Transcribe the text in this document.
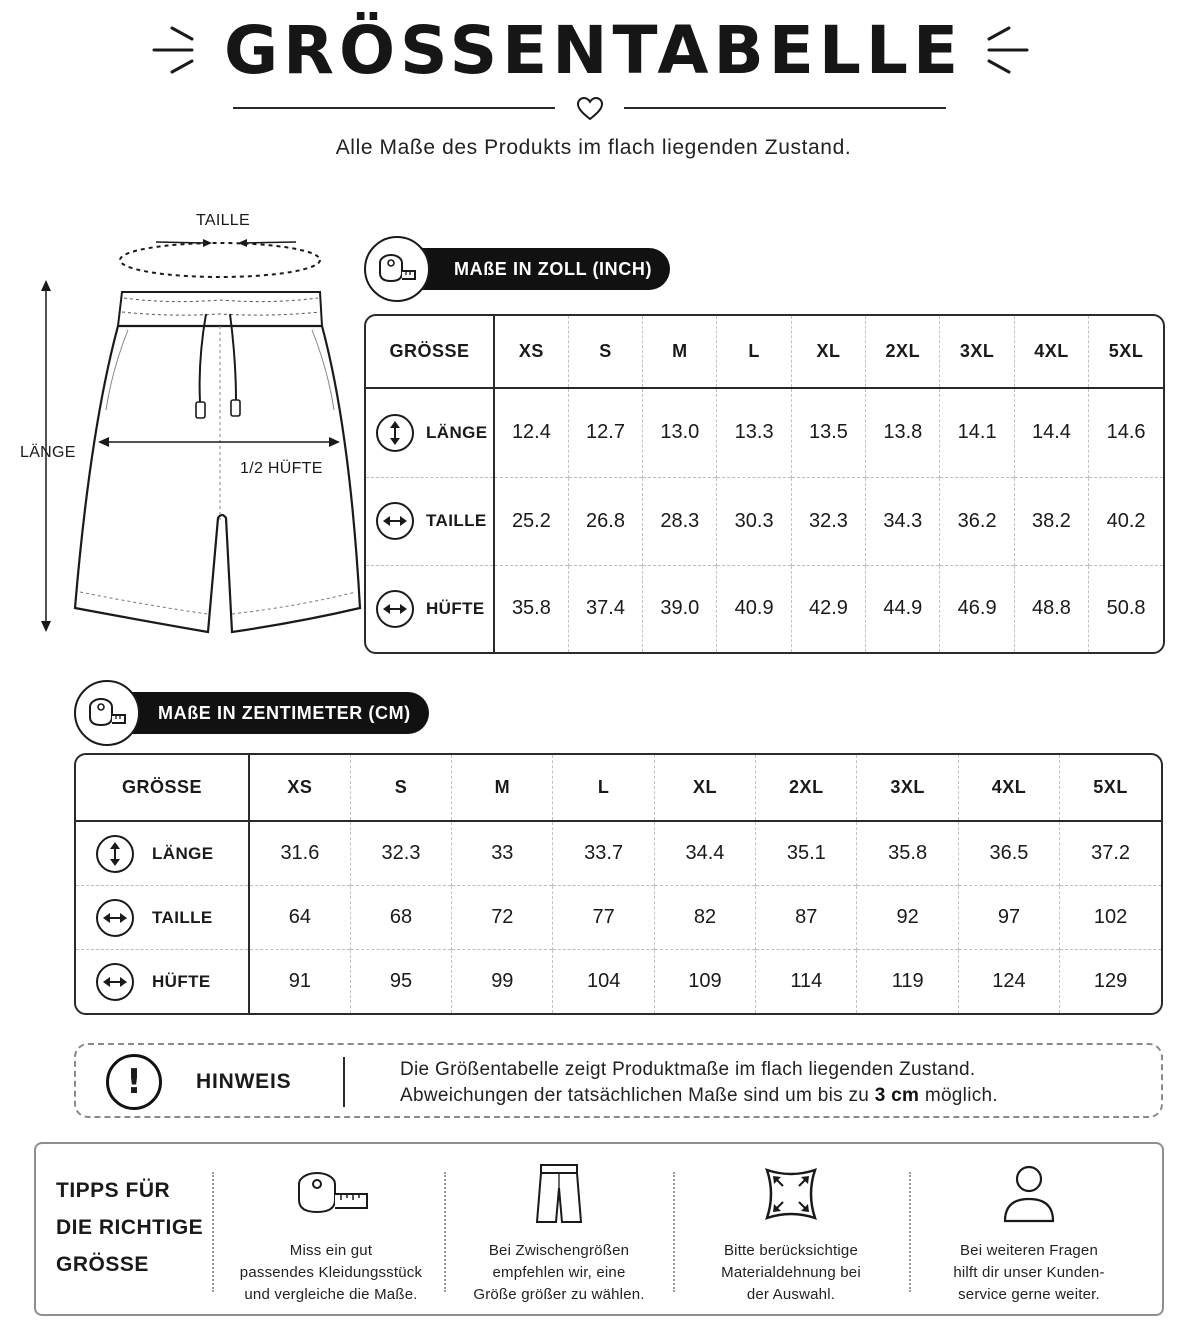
GRÖSSENTABELLE
Alle Maße des Produkts im flach liegenden Zustand.
TAILLE
LÄNGE
1/2 HÜFTE
MAßE IN ZOLL (INCH)
GRÖSSE	XS	S	M	L	XL	2XL	3XL	4XL	5XL

LÄNGE	12.4	12.7	13.0	13.3	13.5	13.8	14.1	14.4	14.6

TAILLE	25.2	26.8	28.3	30.3	32.3	34.3	36.2	38.2	40.2

HÜFTE	35.8	37.4	39.0	40.9	42.9	44.9	46.9	48.8	50.8
MAßE IN ZENTIMETER (CM)
GRÖSSE	XS	S	M	L	XL	2XL	3XL	4XL	5XL

LÄNGE	31.6	32.3	33	33.7	34.4	35.1	35.8	36.5	37.2

TAILLE	64	68	72	77	82	87	92	97	102

HÜFTE	91	95	99	104	109	114	119	124	129
!	HINWEIS
Die Größentabelle zeigt Produktmaße im flach liegenden Zustand.
Abweichungen der tatsächlichen Maße sind um bis zu 3 cm möglich.
TIPPS FÜR
DIE RICHTIGE
GRÖSSE
Miss ein gut
passendes Kleidungsstück
und vergleiche die Maße.
Bei Zwischengrößen
empfehlen wir, eine
Größe größer zu wählen.
Bitte berücksichtige
Materialdehnung bei
der Auswahl.
Bei weiteren Fragen
hilft dir unser Kunden-
service gerne weiter.
